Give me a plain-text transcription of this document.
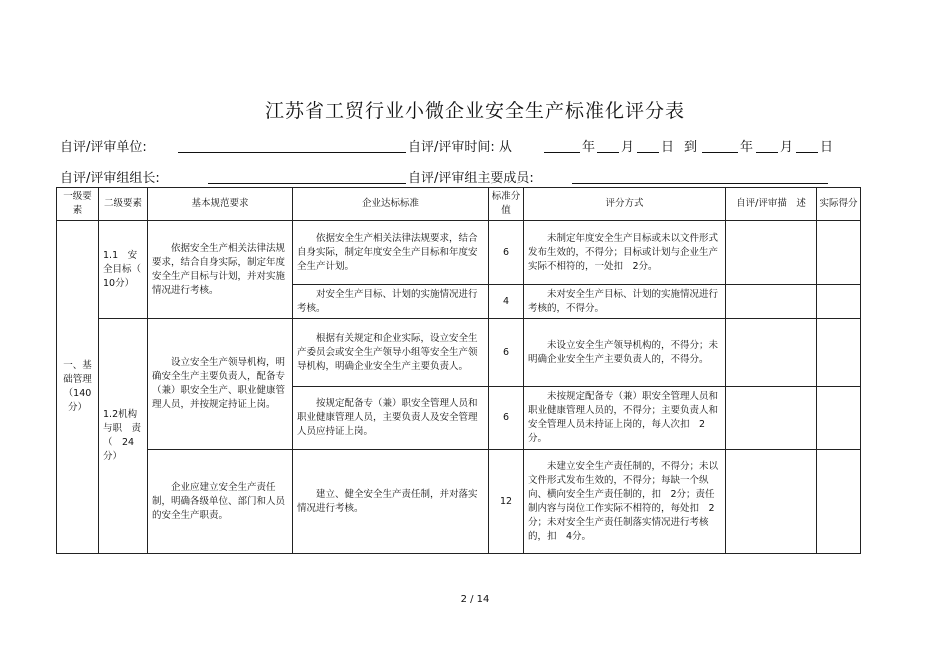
江苏省工贸行业小微企业安全生产标准化评分表
自评/评审单位:	自评/评审时间: 从	年 月 日 到	年 月 日
自评/评审组组长:	自评/评审组主要成员:
一级要素	二级要素	基本规范要求	企业达标标准	标准分值	评分方式	自评/评审描　述	实际得分
一、基础管理（140分）	1.1　安全目标（　10分）	依据安全生产相关法律法规要求，结合自身实际，制定年度安全生产目标与计划，并对实施情况进行考核。	依据安全生产相关法律法规要求，结合自身实际，制定年度安全生产目标和年度安全生产计划。	6	未制定年度安全生产目标或未以文件形式发布生效的，不得分；目标或计划与企业生产实际不相符的，一处扣　2分。		
			对安全生产目标、计划的实施情况进行考核。	4	未对安全生产目标、计划的实施情况进行考核的，不得分。		
	1.2机构与职　责（　24分）	设立安全生产领导机构，明确安全生产主要负责人，配备专（兼）职安全生产、职业健康管理人员，并按规定持证上岗。	根据有关规定和企业实际，设立安全生产委员会或安全生产领导小组等安全生产领导机构，明确企业安全生产主要负责人。	6	未设立安全生产领导机构的，不得分；未明确企业安全生产主要负责人的，不得分。		
			按规定配备专（兼）职安全管理人员和职业健康管理人员，主要负责人及安全管理人员应持证上岗。	6	未按规定配备专（兼）职安全管理人员和职业健康管理人员的，不得分；主要负责人和安全管理人员未持证上岗的，每人次扣　2分。		
		企业应建立安全生产责任制，明确各级单位、部门和人员的安全生产职责。	建立、健全安全生产责任制，并对落实情况进行考核。	12	未建立安全生产责任制的，不得分；未以文件形式发布生效的，不得分；每缺一个纵向、横向安全生产责任制的，扣　2分；责任制内容与岗位工作实际不相符的，每处扣　2分；未对安全生产责任制落实情况进行考核的，扣　4分。		
2 / 14
